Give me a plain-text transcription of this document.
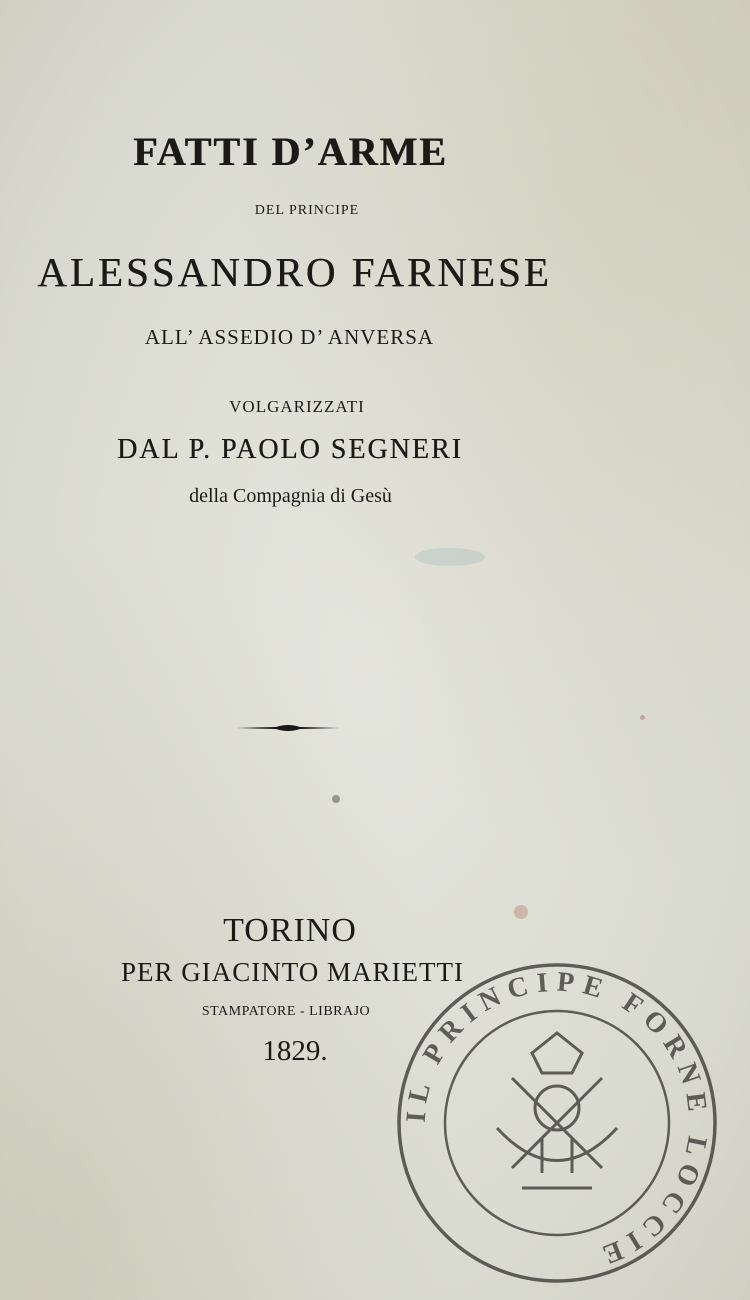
FATTI D’ARME
DEL PRINCIPE
ALESSANDRO FARNESE
ALL’ ASSEDIO D’ ANVERSA
VOLGARIZZATI
DAL P. PAOLO SEGNERI
della Compagnia di Gesù
TORINO
PER GIACINTO MARIETTI
STAMPATORE - LIBRAJO
1829.
IL PRINCIPE FORNE LOCCIE
